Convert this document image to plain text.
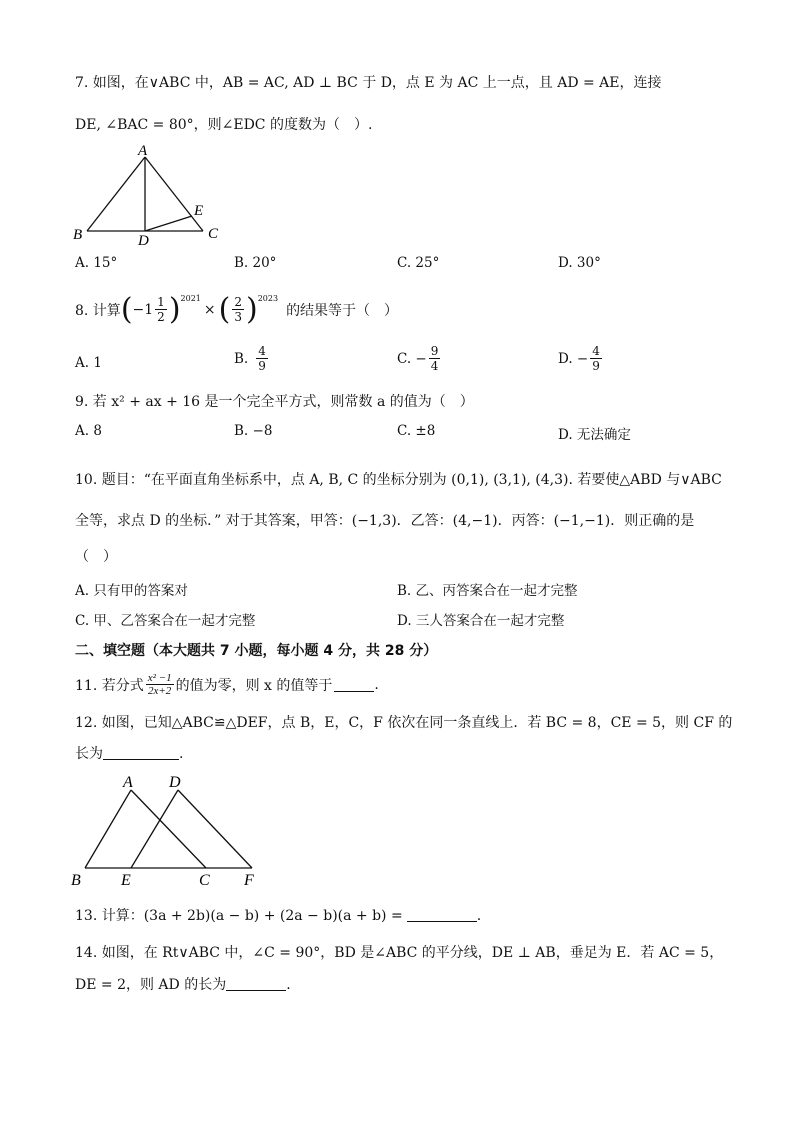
7. 如图，在∨ABC 中，AB = AC, AD ⊥ BC 于 D，点 E 为 AC 上一点，且 AD = AE，连接
DE, ∠BAC = 80°，则∠EDC 的度数为（　）.
A
B	C
D
E
A. 15°	B. 20°	C. 25°	D. 30°
8. 计算 ( $-1 \frac{1}{2} )^{2021}$
× ( $\frac{2}{3} )^{2023}$
的结果等于（　）
A. 1	B. $\frac{4}{9}$	C. − $\frac{9}{4}$	D. − $\frac{4}{9}$
9. 若 x² + ax + 16 是一个完全平方式，则常数 a 的值为（　）
A. 8	B. −8	C. ±8	D. 无法确定
10. 题目：“在平面直角坐标系中，点 A, B, C 的坐标分别为 (0,1), (3,1), (4,3). 若要使△ABD 与∨ABC
全等，求点 D 的坐标．” 对于其答案，甲答：(−1,3)．乙答：(4,−1)．丙答：(−1,−1)．则正确的是
（　）
A. 只有甲的答案对	B. 乙、丙答案合在一起才完整
C. 甲、乙答案合在一起才完整	D. 三人答案合在一起才完整
二、填空题（本大题共 7 小题，每小题 4 分，共 28 分）
11. 若分式 $\frac{\text{x² −1}}{2x+2}$ 的值为零，则 x 的值等于	.
12. 如图，已知△ABC≌△DEF，点 B，E，C，F 依次在同一条直线上．若 BC = 8，CE = 5，则 CF 的
长为	.
A D
B	E	C F
13. 计算：(3a + 2b)(a − b) + (2a − b)(a + b) =	.
14. 如图，在 Rt∨ABC 中，∠C = 90°，BD 是∠ABC 的平分线，DE ⊥ AB，垂足为 E．若 AC = 5，
DE = 2，则 AD 的长为	.
